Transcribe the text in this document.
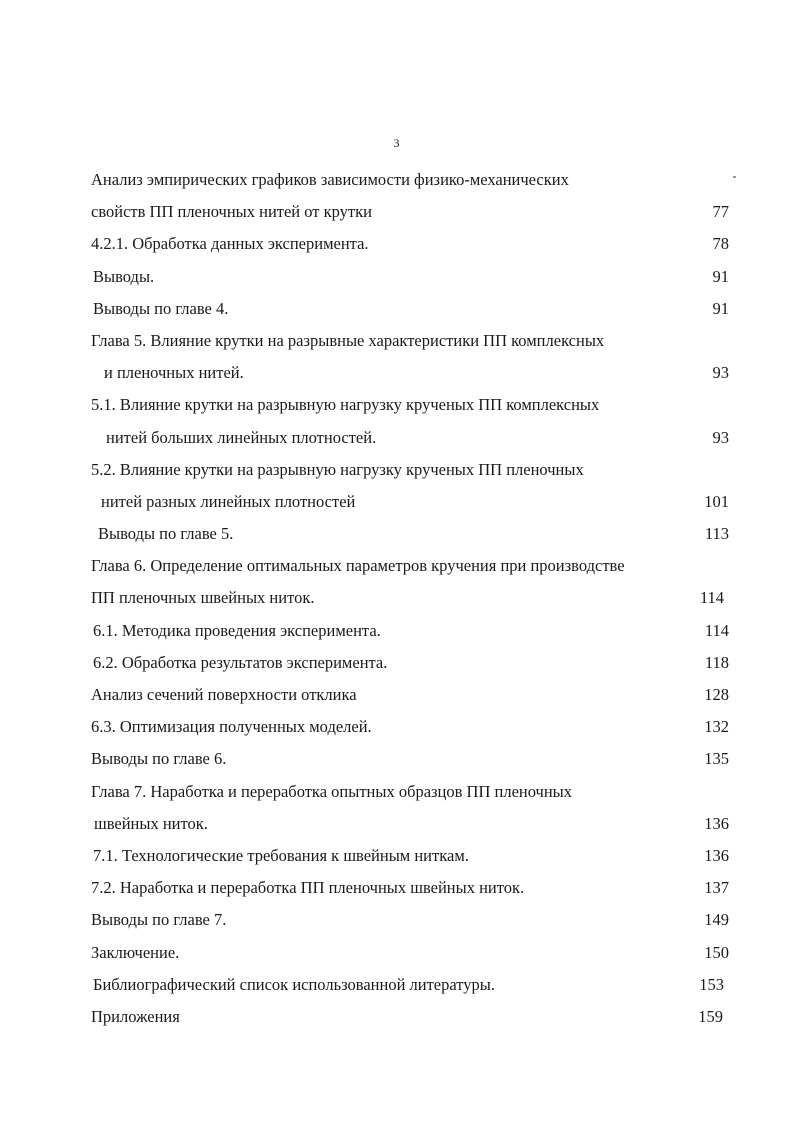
3
Анализ эмпирических графиков зависимости физико-механических
свойств ПП пленочных нитей от крутки	77
4.2.1. Обработка данных эксперимента.	78
Выводы.	91
Выводы по главе 4.	91
Глава 5. Влияние крутки на разрывные характеристики ПП комплексных
и пленочных нитей.	93
5.1. Влияние крутки на разрывную нагрузку крученых ПП комплексных
нитей больших линейных плотностей.	93
5.2. Влияние крутки на разрывную нагрузку крученых ПП пленочных
нитей разных линейных плотностей	101
Выводы по главе 5.	113
Глава 6. Определение оптимальных параметров кручения при производстве
ПП пленочных швейных ниток.	114
6.1. Методика проведения эксперимента.	114
6.2. Обработка результатов эксперимента.	118
Анализ сечений поверхности отклика	128
6.3. Оптимизация полученных моделей.	132
Выводы по главе 6.	135
Глава 7. Наработка и переработка опытных образцов ПП пленочных
швейных ниток.	136
7.1. Технологические требования к швейным ниткам.	136
7.2. Наработка и переработка ПП пленочных швейных ниток.	137
Выводы по главе 7.	149
Заключение.	150
Библиографический список использованной литературы.	153
Приложения	159
